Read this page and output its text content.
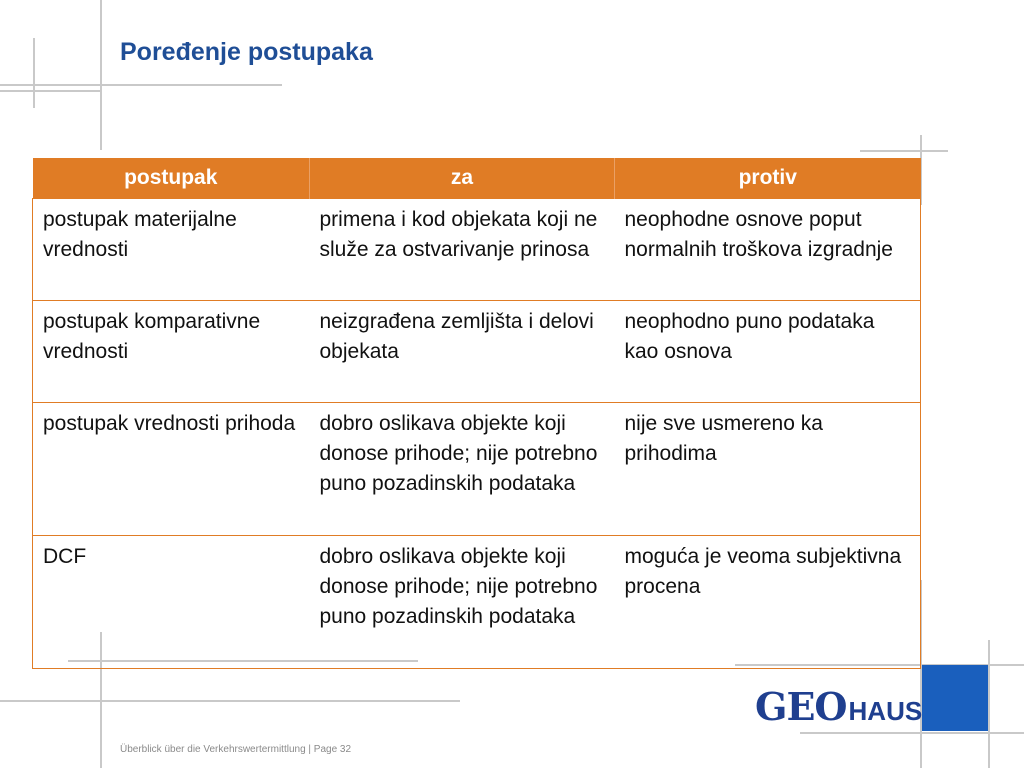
Poređenje postupaka
postupak	za	protiv
postupak materijalne vrednosti	primena i kod objekata koji ne služe za ostvarivanje prinosa	neophodne osnove poput normalnih troškova izgradnje
postupak komparativne vrednosti	neizgrađena zemljišta i delovi objekata	neophodno puno podataka kao osnova
postupak vrednosti prihoda	dobro oslikava objekte koji donose prihode; nije potrebno puno pozadinskih podataka	nije sve usmereno ka prihodima
DCF	dobro oslikava objekte koji donose prihode; nije potrebno puno pozadinskih podataka	moguća je veoma subjektivna procena
GEO HAUS
Überblick über die Verkehrswertermittlung | Page 32
